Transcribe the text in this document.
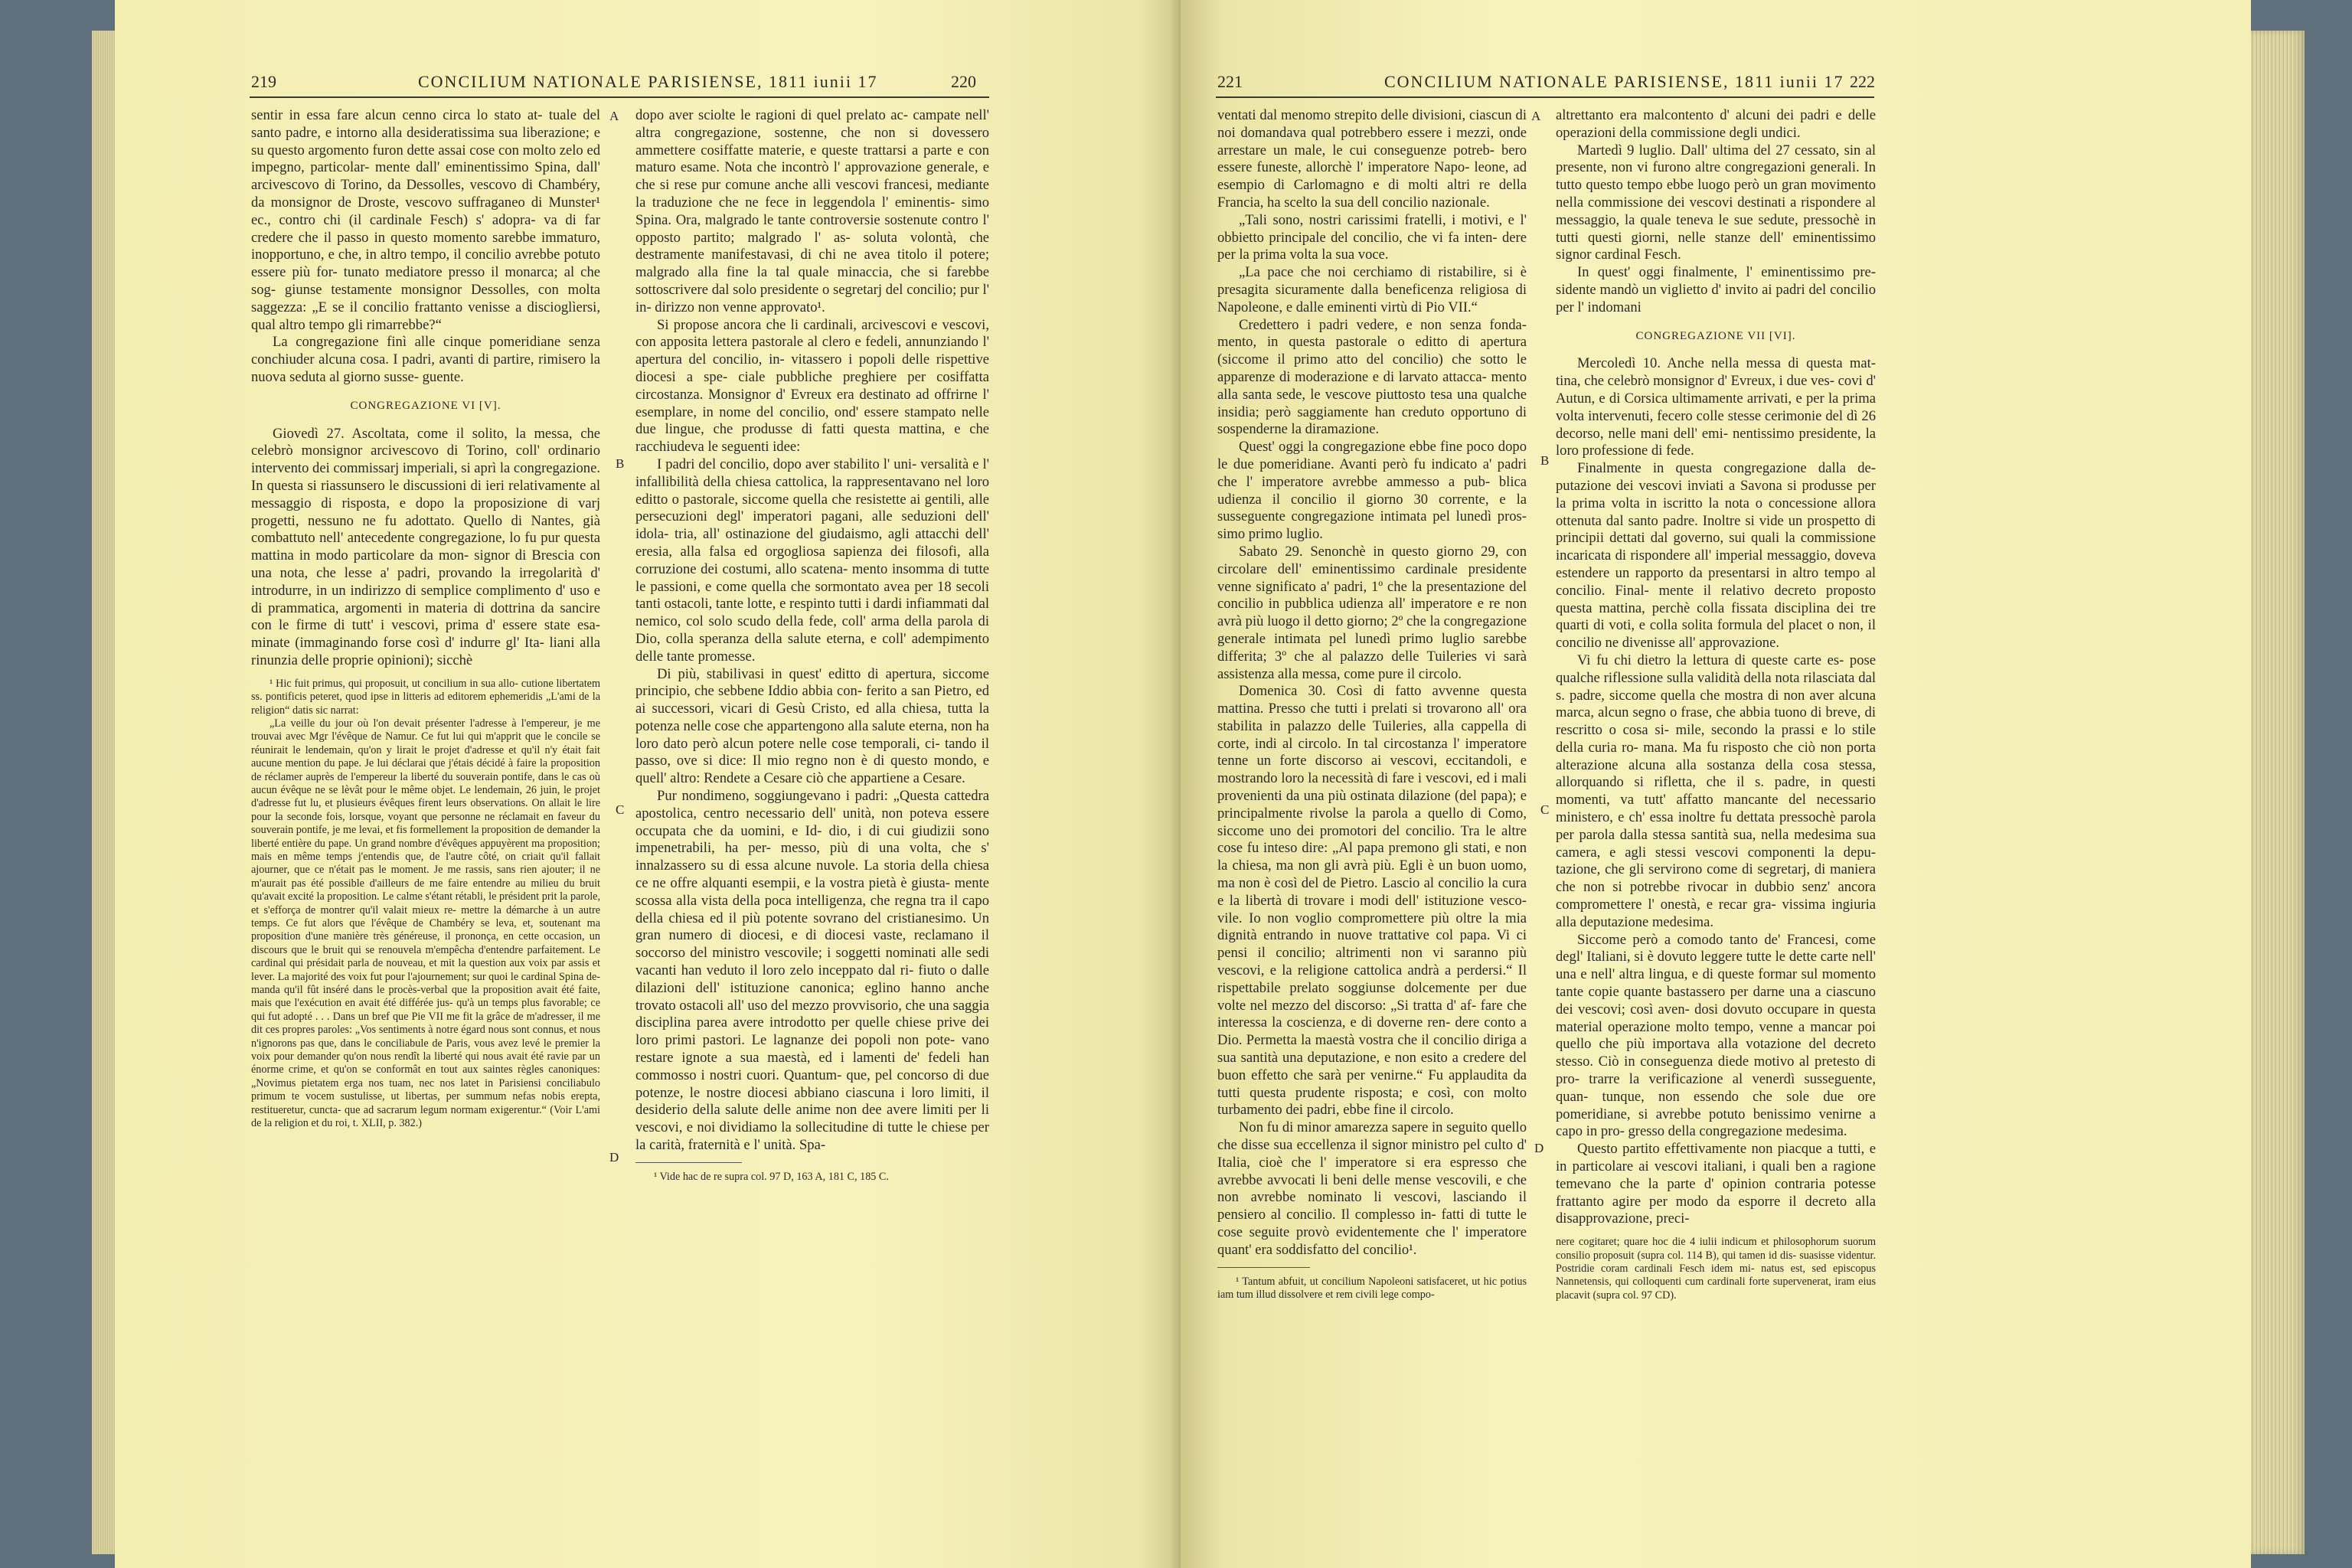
219	CONCILIUM NATIONALE PARISIENSE, 1811 iunii 17	220

sentir in essa fare alcun cenno circa lo stato at- tuale del santo padre, e intorno alla desideratissima sua liberazione; e su questo argomento furon dette assai cose con molto zelo ed impegno, particolar- mente dall' eminentissimo Spina, dall' arcivescovo di Torino, da Dessolles, vescovo di Chambéry, da monsignor de Droste, vescovo suffraganeo di Munster¹ ec., contro chi (il cardinale Fesch) s' adopra- va di far credere che il passo in questo momento sarebbe immaturo, inopportuno, e che, in altro tempo, il concilio avrebbe potuto essere più for- tunato mediatore presso il monarca; al che sog- giunse testamente monsignor Dessolles, con molta saggezza: „E se il concilio frattanto venisse a discioglìersi, qual altro tempo gli rimarrebbe?“

La congregazione finì alle cinque pomeridiane senza conchiuder alcuna cosa. I padri, avanti di partire, rimisero la nuova seduta al giorno susse- guente.

CONGREGAZIONE VI [V].

Giovedì 27. Ascoltata, come il solito, la messa, che celebrò monsignor arcivescovo di Torino, coll' ordinario intervento dei commissarj imperiali, si aprì la congregazione. In questa si riassunsero le discussioni di ieri relativamente al messaggio di risposta, e dopo la proposizione di varj progetti, nessuno ne fu adottato. Quello di Nantes, già combattuto nell' antecedente congregazione, lo fu pur questa mattina in modo particolare da mon- signor di Brescia con una nota, che lesse a' padri, provando la irregolarità d' introdurre, in un indirizzo di semplice complimento d' uso e di prammatica, argomenti in materia di dottrina da sancire con le firme di tutt' i vescovi, prima d' essere state esa- minate (immaginando forse così d' indurre gl' Ita- liani alla rinunzia delle proprie opinioni); sicchè

¹ Hic fuit primus, qui proposuit, ut concilium in sua allo- cutione libertatem ss. pontificis peteret, quod ipse in litteris ad editorem ephemeridis „L'ami de la religion“ datis sic narrat:

„La veille du jour où l'on devait présenter l'adresse à l'empereur, je me trouvai avec Mgr l'évêque de Namur. Ce fut lui qui m'apprit que le concile se réunirait le lendemain, qu'on y lirait le projet d'adresse et qu'il n'y était fait aucune mention du pape. Je lui déclarai que j'étais décidé à faire la proposition de réclamer auprès de l'empereur la liberté du souverain pontife, dans le cas où aucun évêque ne se lèvât pour le même objet. Le lendemain, 26 juin, le projet d'adresse fut lu, et plusieurs évêques firent leurs observations. On allait le lire pour la seconde fois, lorsque, voyant que personne ne réclamait en faveur du souverain pontife, je me levai, et fis formellement la proposition de demander la liberté entière du pape. Un grand nombre d'évêques appuyèrent ma proposition; mais en même temps j'entendis que, de l'autre côté, on criait qu'il fallait ajourner, que ce n'était pas le moment. Je me rassis, sans rien ajouter; il ne m'aurait pas été possible d'ailleurs de me faire entendre au milieu du bruit qu'avait excité la proposition. Le calme s'étant rétabli, le président prit la parole, et s'efforça de montrer qu'il valait mieux re- mettre la démarche à un autre temps. Ce fut alors que l'évêque de Chambéry se leva, et, soutenant ma proposition d'une manière très généreuse, il prononça, en cette occasion, un discours que le bruit qui se renouvela m'empêcha d'entendre parfaitement. Le cardinal qui présidait parla de nouveau, et mit la question aux voix par assis et lever. La majorité des voix fut pour l'ajournement; sur quoi le cardinal Spina de- manda qu'il fût inséré dans le procès-verbal que la proposition avait été faite, mais que l'exécution en avait été différée jus- qu'à un temps plus favorable; ce qui fut adopté . . . Dans un bref que Pie VII me fit la grâce de m'adresser, il me dit ces propres paroles: „Vos sentiments à notre égard nous sont connus, et nous n'ignorons pas que, dans le conciliabule de Paris, vous avez levé le premier la voix pour demander qu'on nous rendît la liberté qui nous avait été ravie par un énorme crime, et qu'on se conformât en tout aux saintes règles canoniques: „Novimus pietatem erga nos tuam, nec nos latet in Parisiensi conciliabulo primum te vocem sustulisse, ut libertas, per summum nefas nobis erepta, restitueretur, cuncta- que ad sacrarum legum normam exigerentur.“ (Voir L'ami de la religion et du roi, t. XLII, p. 382.)

dopo aver sciolte le ragioni di quel prelato ac- campate nell' altra congregazione, sostenne, che non si dovessero ammettere cosiffatte materie, e queste trattarsi a parte e con maturo esame. Nota che incontrò l' approvazione generale, e che si rese pur comune anche alli vescovi francesi, mediante la traduzione che ne fece in leggendola l' eminentis- simo Spina. Ora, malgrado le tante controversie sostenute contro l' opposto partito; malgrado l' as- soluta volontà, che destramente manifestavasi, di chi ne avea titolo il potere; malgrado alla fine la tal quale minaccia, che si farebbe sottoscrivere dal solo presidente o segretarj del concilio; pur l' in- dirizzo non venne approvato¹.

Si propose ancora che li cardinali, arcivescovi e vescovi, con apposita lettera pastorale al clero e fedeli, annunziando l' apertura del concilio, in- vitassero i popoli delle rispettive diocesi a spe- ciale pubbliche preghiere per cosiffatta circostanza. Monsignor d' Evreux era destinato ad offrirne l' esemplare, in nome del concilio, ond' essere stampato nelle due lingue, che produsse di fatti questa mattina, e che racchiudeva le seguenti idee:

I padri del concilio, dopo aver stabilito l' uni- versalità e l' infallibilità della chiesa cattolica, la rappresentavano nel loro editto o pastorale, siccome quella che resistette ai gentili, alle persecuzioni degl' imperatori pagani, alle seduzioni dell' idola- tria, all' ostinazione del giudaismo, agli attacchi dell' eresia, alla falsa ed orgogliosa sapienza dei filosofi, alla corruzione dei costumi, allo scatena- mento insomma di tutte le passioni, e come quella che sormontato avea per 18 secoli tanti ostacoli, tante lotte, e respinto tutti i dardi infiammati dal nemico, col solo scudo della fede, coll' arma della parola di Dio, colla speranza della salute eterna, e coll' adempimento delle tante promesse.

Di più, stabilivasi in quest' editto di apertura, siccome principio, che sebbene Iddio abbia con- ferito a san Pietro, ed ai successori, vicari di Gesù Cristo, ed alla chiesa, tutta la potenza nelle cose che appartengono alla salute eterna, non ha loro dato però alcun potere nelle cose temporali, ci- tando il passo, ove si dice: Il mio regno non è di questo mondo, e quell' altro: Rendete a Cesare ciò che appartiene a Cesare.

Pur nondimeno, soggiungevano i padri: „Questa cattedra apostolica, centro necessario dell' unità, non poteva essere occupata che da uomini, e Id- dio, i di cui giudizii sono impenetrabili, ha per- messo, più di una volta, che s' innalzassero su di essa alcune nuvole. La storia della chiesa ce ne offre alquanti esempii, e la vostra pietà è giusta- mente scossa alla vista della poca intelligenza, che regna tra il capo della chiesa ed il più potente sovrano del cristianesimo. Un gran numero di diocesi, e di diocesi vaste, reclamano il soccorso del ministro vescovile; i soggetti nominati alle sedi vacanti han veduto il loro zelo inceppato dal ri- fiuto o dalle dilazioni dell' istituzione canonica; eglino hanno anche trovato ostacoli all' uso del mezzo provvisorio, che una saggia disciplina parea avere introdotto per quelle chiese prive dei loro primi pastori. Le lagnanze dei popoli non pote- vano restare ignote a sua maestà, ed i lamenti de' fedeli han commosso i nostri cuori. Quantum- que, pel concorso di due potenze, le nostre diocesi abbiano ciascuna i loro limiti, il desiderio della salute delle anime non dee avere limiti per li vescovi, e noi dividiamo la sollecitudine di tutte le chiese per la carità, fraternità e l' unità. Spa-

¹ Vide hac de re supra col. 97 D, 163 A, 181 C, 185 C.

A
B
C
D
221	CONCILIUM NATIONALE PARISIENSE, 1811 iunii 17 222

ventati dal menomo strepito delle divisioni, ciascun di noi domandava qual potrebbero essere i mezzi, onde arrestare un male, le cui conseguenze potreb- bero essere funeste, allorchè l' imperatore Napo- leone, ad esempio di Carlomagno e di molti altri re della Francia, ha scelto la sua dell concilio nazionale.

„Tali sono, nostri carissimi fratelli, i motivi, e l' obbietto principale del concilio, che vi fa inten- dere per la prima volta la sua voce.

„La pace che noi cerchiamo di ristabilire, si è presagita sicuramente dalla beneficenza religiosa di Napoleone, e dalle eminenti virtù di Pio VII.“

Credettero i padri vedere, e non senza fonda- mento, in questa pastorale o editto di apertura (siccome il primo atto del concilio) che sotto le apparenze di moderazione e di larvato attacca- mento alla santa sede, le vescove piuttosto tesa una qualche insidia; però saggiamente han creduto opportuno di sospenderne la diramazione.

Quest' oggi la congregazione ebbe fine poco dopo le due pomeridiane. Avanti però fu indicato a' padri che l' imperatore avrebbe ammesso a pub- blica udienza il concilio il giorno 30 corrente, e la susseguente congregazione intimata pel lunedì pros- simo primo luglio.

Sabato 29. Senonchè in questo giorno 29, con circolare dell' eminentissimo cardinale presidente venne significato a' padri, 1º che la presentazione del concilio in pubblica udienza all' imperatore e re non avrà più luogo il detto giorno; 2º che la congregazione generale intimata pel lunedì primo luglio sarebbe differita; 3º che al palazzo delle Tuileries vi sarà assistenza alla messa, come pure il circolo.

Domenica 30. Così di fatto avvenne questa mattina. Presso che tutti i prelati si trovarono all' ora stabilita in palazzo delle Tuileries, alla cappella di corte, indi al circolo. In tal circostanza l' imperatore tenne un forte discorso ai vescovi, eccitandoli, e mostrando loro la necessità di fare i vescovi, ed i mali provenienti da una più ostinata dilazione (del papa); e principalmente rivolse la parola a quello di Como, siccome uno dei promotori del concilio. Tra le altre cose fu inteso dire: „Al papa premono gli stati, e non la chiesa, ma non gli avrà più. Egli è un buon uomo, ma non è così del de Pietro. Lascio al concilio la cura e la libertà di trovare i modi dell' istituzione vesco- vile. Io non voglio compromettere più oltre la mia dignità entrando in nuove trattative col papa. Vi ci pensi il concilio; altrimenti non vi saranno più vescovi, e la religione cattolica andrà a perdersi.“ Il rispettabile prelato soggiunse dolcemente per due volte nel mezzo del discorso: „Si tratta d' af- fare che interessa la coscienza, e di doverne ren- dere conto a Dio. Permetta la maestà vostra che il concilio diriga a sua santità una deputazione, e non esito a credere del buon effetto che sarà per venirne.“ Fu applaudita da tutti questa prudente risposta; e così, con molto turbamento dei padri, ebbe fine il circolo.

Non fu di minor amarezza sapere in seguito quello che disse sua eccellenza il signor ministro pel culto d' Italia, cioè che l' imperatore si era espresso che avrebbe avvocati li beni delle mense vescovili, e che non avrebbe nominato li vescovi, lasciando il pensiero al concilio. Il complesso in- fatti di tutte le cose seguite provò evidentemente che l' imperatore quant' era soddisfatto del concilio¹.

¹ Tantum abfuit, ut concilium Napoleoni satisfaceret, ut hic potius iam tum illud dissolvere et rem civili lege compo-

altrettanto era malcontento d' alcuni dei padri e delle operazioni della commissione degli undici.

Martedì 9 luglio. Dall' ultima del 27 cessato, sin al presente, non vi furono altre congregazioni generali. In tutto questo tempo ebbe luogo però un gran movimento nella commissione dei vescovi destinati a rispondere al messaggio, la quale teneva le sue sedute, pressochè in tutti questi giorni, nelle stanze dell' eminentissimo signor cardinal Fesch.

In quest' oggi finalmente, l' eminentissimo pre- sidente mandò un viglietto d' invito ai padri del concilio per l' indomani

CONGREGAZIONE VII [VI].

Mercoledì 10. Anche nella messa di questa mat- tina, che celebrò monsignor d' Evreux, i due ves- covi d' Autun, e di Corsica ultimamente arrivati, e per la prima volta intervenuti, fecero colle stesse cerimonie del dì 26 decorso, nelle mani dell' emi- nentissimo presidente, la loro professione di fede.

Finalmente in questa congregazione dalla de- putazione dei vescovi inviati a Savona si produsse per la prima volta in iscritto la nota o concessione allora ottenuta dal santo padre. Inoltre si vide un prospetto di principii dettati dal governo, sui quali la commissione incaricata di rispondere all' imperial messaggio, doveva estendere un rapporto da presentarsi in altro tempo al concilio. Final- mente il relativo decreto proposto questa mattina, perchè colla fissata disciplina dei tre quarti di voti, e colla solita formula del placet o non, il concilio ne divenisse all' approvazione.

Vi fu chi dietro la lettura di queste carte es- pose qualche riflessione sulla validità della nota rilasciata dal s. padre, siccome quella che mostra di non aver alcuna marca, alcun segno o frase, che abbia tuono di breve, di rescritto o cosa si- mile, secondo la prassi e lo stile della curia ro- mana. Ma fu risposto che ciò non porta alterazione alcuna alla sostanza della cosa stessa, allorquando si rifletta, che il s. padre, in questi momenti, va tutt' affatto mancante del necessario ministero, e ch' essa inoltre fu dettata pressochè parola per parola dalla stessa santità sua, nella medesima sua camera, e agli stessi vescovi componenti la depu- tazione, che gli servirono come di segretarj, di maniera che non si potrebbe rivocar in dubbio senz' ancora compromettere l' onestà, e recar gra- vissima ingiuria alla deputazione medesima.

Siccome però a comodo tanto de' Francesi, come degl' Italiani, si è dovuto leggere tutte le dette carte nell' una e nell' altra lingua, e di queste formar sul momento tante copie quante bastassero per darne una a ciascuno dei vescovi; così aven- dosi dovuto occupare in questa material operazione molto tempo, venne a mancar poi quello che più importava alla votazione del decreto stesso. Ciò in conseguenza diede motivo al pretesto di pro- trarre la verificazione al venerdì susseguente, quan- tunque, non essendo che sole due ore pomeridiane, si avrebbe potuto benissimo venirne a capo in pro- gresso della congregazione medesima.

Questo partito effettivamente non piacque a tutti, e in particolare ai vescovi italiani, i quali ben a ragione temevano che la parte d' opinion contraria potesse frattanto agire per modo da esporre il decreto alla disapprovazione, preci-

nere cogitaret; quare hoc die 4 iulii indicum et philosophorum suorum consilio proposuit (supra col. 114 B), qui tamen id dis- suasisse videntur. Postridie coram cardinali Fesch idem mi- natus est, sed episcopus Nannetensis, qui colloquenti cum cardinali forte supervenerat, iram eius placavit (supra col. 97 CD).

A
B
C
D
